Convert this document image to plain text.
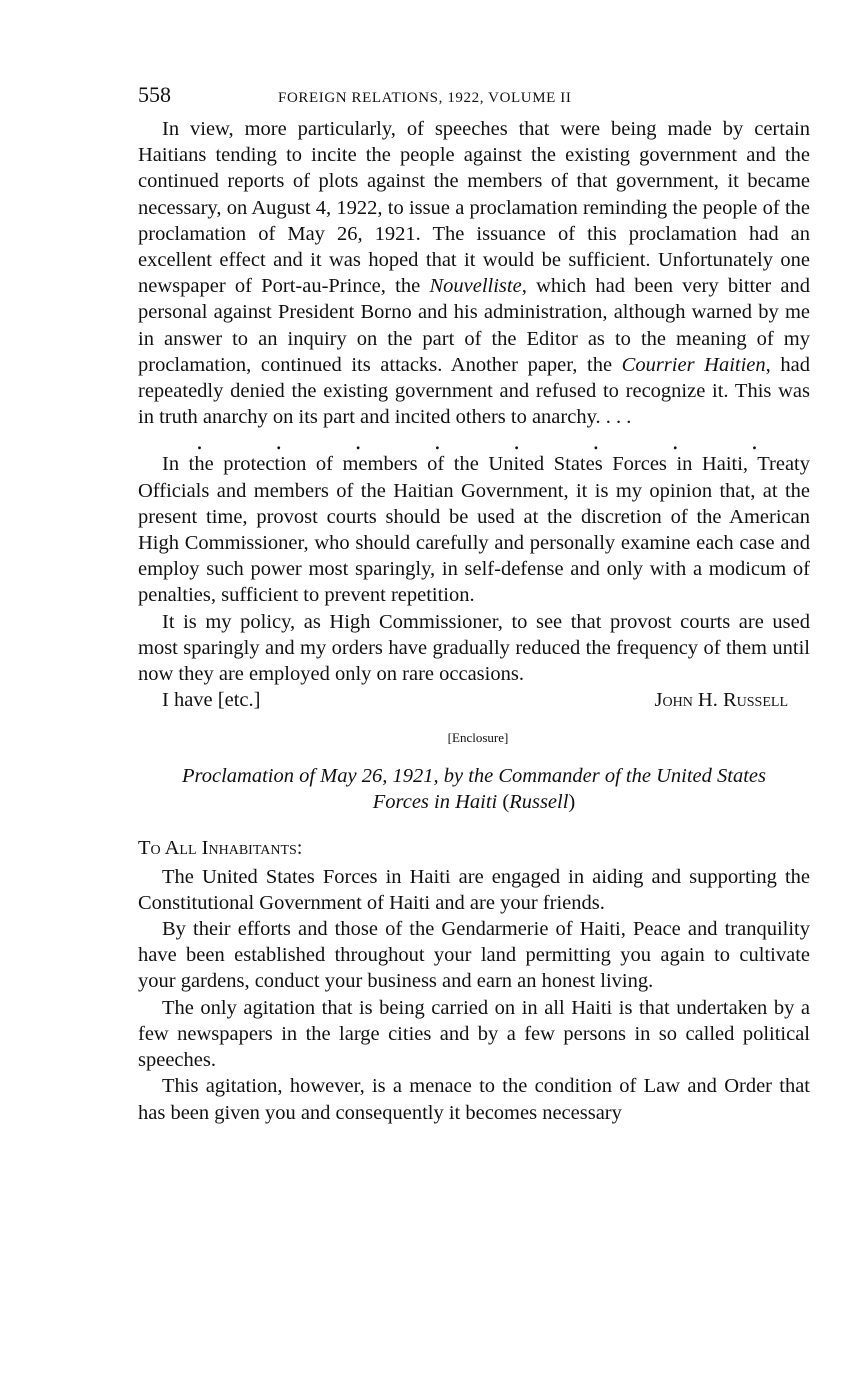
558	FOREIGN RELATIONS, 1922, VOLUME II

In view, more particularly, of speeches that were being made by certain Haitians tending to incite the people against the existing government and the continued reports of plots against the members of that government, it became necessary, on August 4, 1922, to issue a proclamation reminding the people of the proclamation of May 26, 1921. The issuance of this proclamation had an excellent effect and it was hoped that it would be sufficient. Unfortunately one newspaper of Port-au-Prince, the Nouvelliste, which had been very bitter and personal against President Borno and his administration, although warned by me in answer to an inquiry on the part of the Editor as to the meaning of my proclamation, continued its attacks. Another paper, the Courrier Haitien, had repeatedly denied the existing government and refused to recognize it. This was in truth anarchy on its part and incited others to anarchy. . . .

.	.	.	.	.	.	.	.

In the protection of members of the United States Forces in Haiti, Treaty Officials and members of the Haitian Government, it is my opinion that, at the present time, provost courts should be used at the discretion of the American High Commissioner, who should carefully and personally examine each case and employ such power most sparingly, in self-defense and only with a modicum of penalties, sufficient to prevent repetition.

It is my policy, as High Commissioner, to see that provost courts are used most sparingly and my orders have gradually reduced the frequency of them until now they are employed only on rare occasions.

I have [etc.]	John H. Russell
[Enclosure]

Proclamation of May 26, 1921, by the Commander of the United States
Forces in Haiti (Russell)

To All Inhabitants:

The United States Forces in Haiti are engaged in aiding and supporting the Constitutional Government of Haiti and are your friends.

By their efforts and those of the Gendarmerie of Haiti, Peace and tranquility have been established throughout your land permitting you again to cultivate your gardens, conduct your business and earn an honest living.

The only agitation that is being carried on in all Haiti is that undertaken by a few newspapers in the large cities and by a few persons in so called political speeches.

This agitation, however, is a menace to the condition of Law and Order that has been given you and consequently it becomes necessary
